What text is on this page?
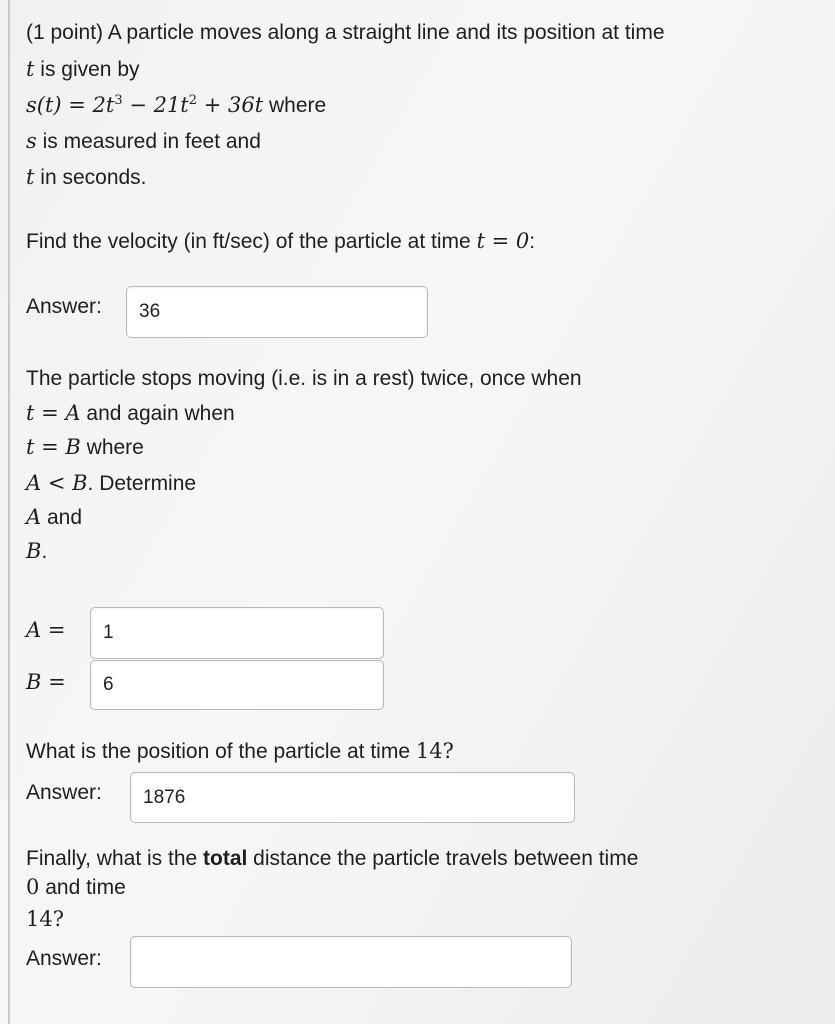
(1 point) A particle moves along a straight line and its position at time
t is given by
$s(t) = 2t^3 - 21t^2 + 36t$ where
s is measured in feet and
t in seconds.
Find the velocity (in ft/sec) of the particle at time t = 0:
Answer:	36
The particle stops moving (i.e. is in a rest) twice, once when
t = A and again when
t = B where
A < B. Determine
A and
B.
A =	1
B =	6
What is the position of the particle at time 14?
Answer:	1876
Finally, what is the total distance the particle travels between time
0 and time
14?
Answer:
